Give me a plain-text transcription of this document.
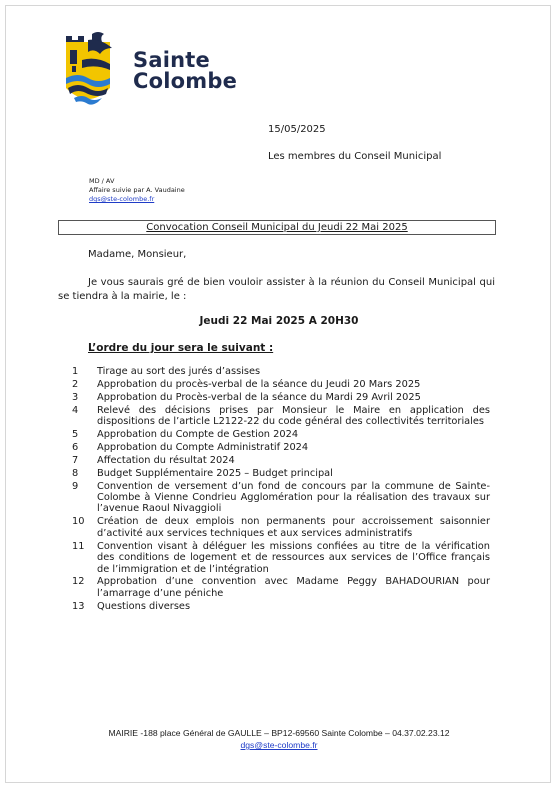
Sainte
Colombe
15/05/2025
Les membres du Conseil Municipal
MD / AV
Affaire suivie par A. Vaudaine
dgs@ste-colombe.fr
Convocation Conseil Municipal du Jeudi 22 Mai 2025
Madame, Monsieur,
Je vous saurais gré de bien vouloir assister à la réunion du Conseil Municipal qui se tiendra à la mairie, le :
Jeudi 22 Mai 2025 A 20H30
L’ordre du jour sera le suivant :
1	Tirage au sort des jurés d’assises
2	Approbation du procès-verbal de la séance du Jeudi 20 Mars 2025
3	Approbation du Procès-verbal de la séance du Mardi 29 Avril 2025
4	Relevé des décisions prises par Monsieur le Maire en application des dispositions de l’article L2122-22 du code général des collectivités territoriales
5	Approbation du Compte de Gestion 2024
6	Approbation du Compte Administratif 2024
7	Affectation du résultat 2024
8	Budget Supplémentaire 2025 – Budget principal
9	Convention de versement d’un fond de concours par la commune de Sainte-Colombe à Vienne Condrieu Agglomération pour la réalisation des travaux sur l’avenue Raoul Nivaggioli
10	Création de deux emplois non permanents pour accroissement saisonnier d’activité aux services techniques et aux services administratifs
11	Convention visant à déléguer les missions confiées au titre de la vérification des conditions de logement et de ressources aux services de l’Office français de l’immigration et de l’intégration
12	Approbation d’une convention avec Madame Peggy BAHADOURIAN pour l’amarrage d’une péniche
13	Questions diverses
MAIRIE -188 place Général de GAULLE – BP12-69560 Sainte Colombe – 04.37.02.23.12
dgs@ste-colombe.fr
